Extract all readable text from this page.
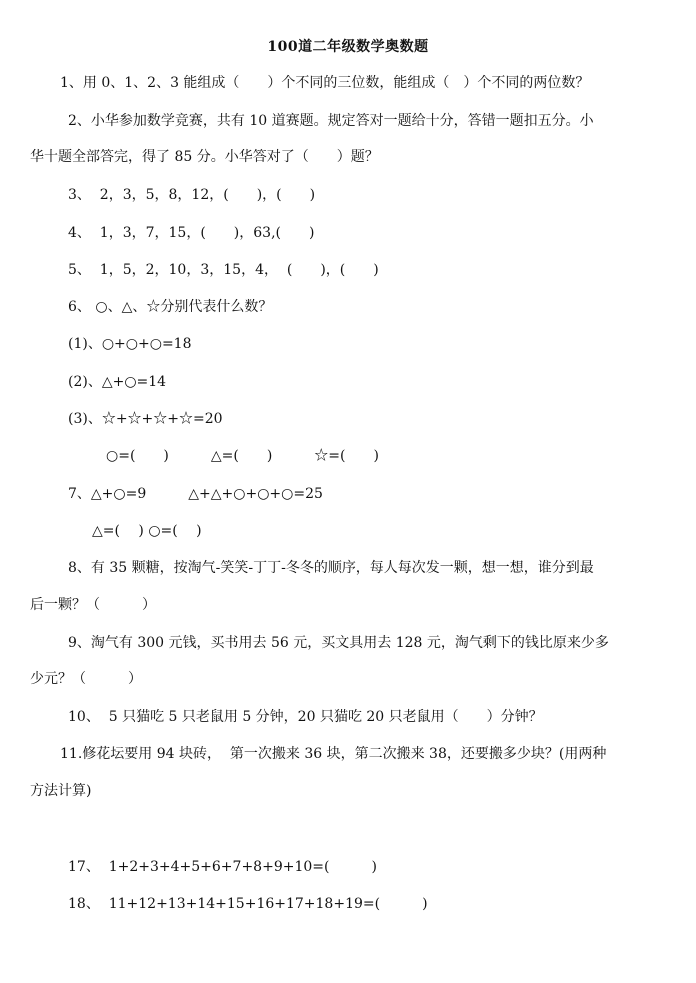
100道二年级数学奥数题
1、用 0、1、2、3 能组成（　　）个不同的三位数，能组成（　）个不同的两位数？
2、小华参加数学竞赛，共有 10 道赛题。规定答对一题给十分，答错一题扣五分。小
华十题全部答完，得了 85 分。小华答对了（　　）题？
3、  2，3，5，8，12，(　　)，(　　)
4、  1，3，7，15，(　　)，63,(　　)
5、  1，5，2，10，3，15，4，  (　　)，(　　)
6、 ○、△、☆分别代表什么数？
(1)、○+○+○=18
(2)、△+○=14
(3)、☆+☆+☆+☆=20
○=(　　)　　　△=(　　)　　　☆=(　　)
7、△+○=9　　　△+△+○+○+○=25
△=(　 ) ○=(　 )
8、有 35 颗糖，按淘气-笑笑-丁丁-冬冬的顺序，每人每次发一颗，想一想，谁分到最
后一颗？（　　　）
9、淘气有 300 元钱，买书用去 56 元，买文具用去 128 元，淘气剩下的钱比原来少多
少元？（　　　）
10、  5 只猫吃 5 只老鼠用 5 分钟，20 只猫吃 20 只老鼠用（　　）分钟？
11.修花坛要用 94 块砖，  第一次搬来 36 块，第二次搬来 38，还要搬多少块？(用两种
方法计算)
17、  1+2+3+4+5+6+7+8+9+10=(　　　)
18、  11+12+13+14+15+16+17+18+19=(　　　)
